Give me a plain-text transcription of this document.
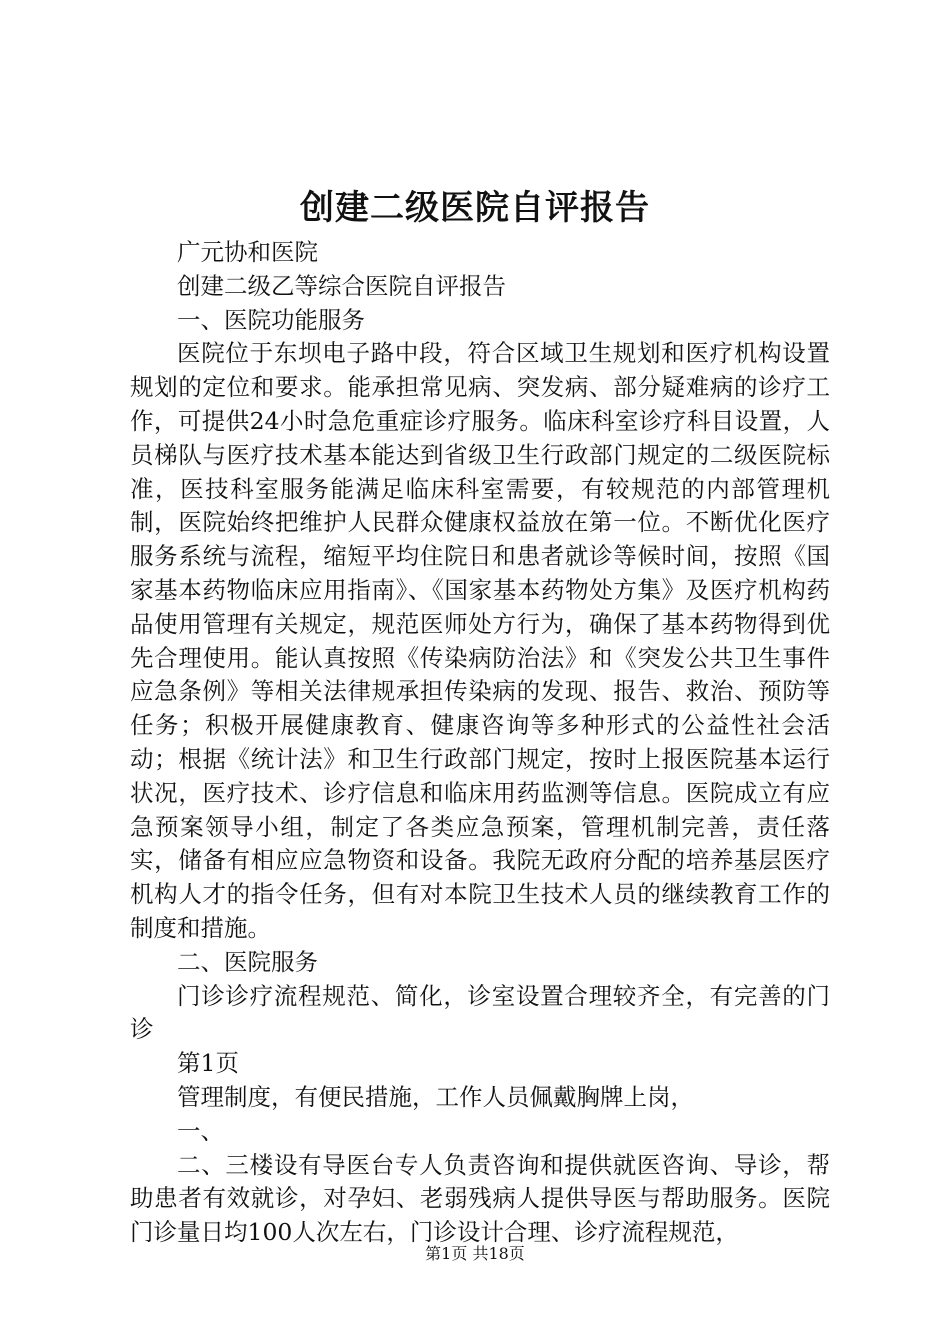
创建二级医院自评报告

广元协和医院

创建二级乙等综合医院自评报告

一、医院功能服务

医院位于东坝电子路中段，符合区域卫生规划和医疗机构设置规划的定位和要求。能承担常见病、突发病、部分疑难病的诊疗工作，可提供24小时急危重症诊疗服务。临床科室诊疗科目设置，人员梯队与医疗技术基本能达到省级卫生行政部门规定的二级医院标准，医技科室服务能满足临床科室需要，有较规范的内部管理机制，医院始终把维护人民群众健康权益放在第一位。不断优化医疗服务系统与流程，缩短平均住院日和患者就诊等候时间，按照《国家基本药物临床应用指南》、《国家基本药物处方集》及医疗机构药品使用管理有关规定，规范医师处方行为，确保了基本药物得到优先合理使用。能认真按照《传染病防治法》和《突发公共卫生事件应急条例》等相关法律规承担传染病的发现、报告、救治、预防等任务；积极开展健康教育、健康咨询等多种形式的公益性社会活动；根据《统计法》和卫生行政部门规定，按时上报医院基本运行状况，医疗技术、诊疗信息和临床用药监测等信息。医院成立有应急预案领导小组，制定了各类应急预案，管理机制完善，责任落实，储备有相应应急物资和设备。我院无政府分配的培养基层医疗机构人才的指令任务，但有对本院卫生技术人员的继续教育工作的制度和措施。

二、医院服务

门诊诊疗流程规范、简化，诊室设置合理较齐全，有完善的门诊

第1页

管理制度，有便民措施，工作人员佩戴胸牌上岗，

一、

二、三楼设有导医台专人负责咨询和提供就医咨询、导诊，帮助患者有效就诊，对孕妇、老弱残病人提供导医与帮助服务。医院门诊量日均100人次左右，门诊设计合理、诊疗流程规范，

第1页 共18页
